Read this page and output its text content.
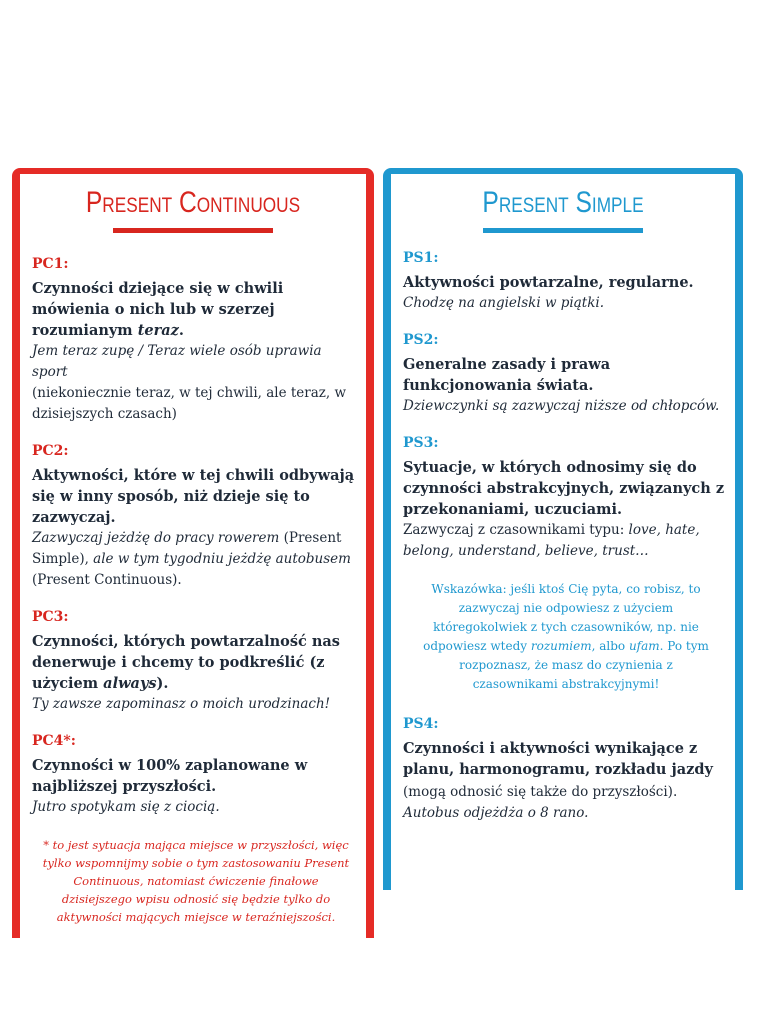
Present Continuous
PC1:
Czynności dziejące się w chwili mówienia o nich lub w szerzej rozumianym teraz.
Jem teraz zupę / Teraz wiele osób uprawia sport
(niekoniecznie teraz, w tej chwili, ale teraz, w dzisiejszych czasach)
PC2:
Aktywności, które w tej chwili odbywają się w inny sposób, niż dzieje się to zazwyczaj.
Zazwyczaj jeżdżę do pracy rowerem (Present Simple), ale w tym tygodniu jeżdżę autobusem (Present Continuous).
PC3:
Czynności, których powtarzalność nas denerwuje i chcemy to podkreślić (z użyciem always).
Ty zawsze zapominasz o moich urodzinach!
PC4*:
Czynności w 100% zaplanowane w najbliższej przyszłości.
Jutro spotykam się z ciocią.
* to jest sytuacja mająca miejsce w przyszłości, więc tylko wspomnijmy sobie o tym zastosowaniu Present Continuous, natomiast ćwiczenie finałowe dzisiejszego wpisu odnosić się będzie tylko do aktywności mających miejsce w teraźniejszości.
Present Simple
PS1:
Aktywności powtarzalne, regularne.
Chodzę na angielski w piątki.
PS2:
Generalne zasady i prawa funkcjonowania świata.
Dziewczynki są zazwyczaj niższe od chłopców.
PS3:
Sytuacje, w których odnosimy się do czynności abstrakcyjnych, związanych z przekonaniami, uczuciami.
Zazwyczaj z czasownikami typu: love, hate, belong, understand, believe, trust…
Wskazówka: jeśli ktoś Cię pyta, co robisz, to zazwyczaj nie odpowiesz z użyciem któregokolwiek z tych czasowników, np. nie odpowiesz wtedy rozumiem, albo ufam. Po tym rozpoznasz, że masz do czynienia z czasownikami abstrakcyjnymi!
PS4:
Czynności i aktywności wynikające z planu, harmonogramu, rozkładu jazdy (mogą odnosić się także do przyszłości).
Autobus odjeżdża o 8 rano.
